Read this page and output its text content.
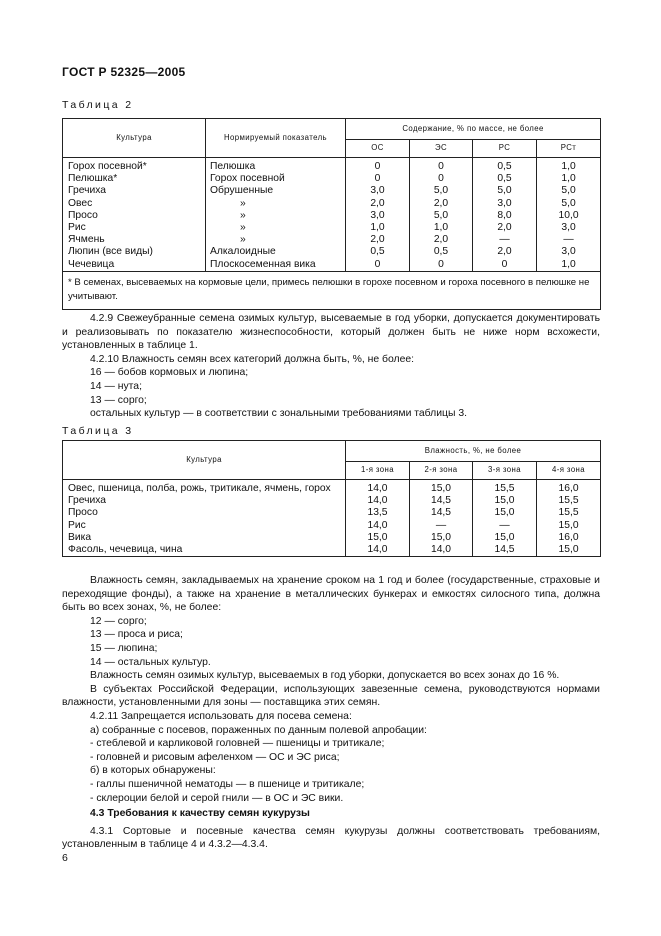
ГОСТ Р 52325—2005
Таблица 2
Культура	Нормируемый показатель	Содержание, % по массе, не более			
		ОС	ЭС	РС	РСт

Горох посевной*	Пелюшка	0	0	0,5	1,0
Пелюшка*	Горох посевной	0	0	0,5	1,0
Гречиха	Обрушенные	3,0	5,0	5,0	5,0
Овес	»	2,0	2,0	3,0	5,0
Просо	»	3,0	5,0	8,0	10,0
Рис	»	1,0	1,0	2,0	3,0
Ячмень	»	2,0	2,0	—	—
Люпин (все виды)	Алкалоидные	0,5	0,5	2,0	3,0
Чечевица	Плоскосеменная вика	0	0	0	1,0
* В семенах, высеваемых на кормовые цели, примесь пелюшки в горохе посевном и гороха посевного в пелюшке не учитывают.					

4.2.9 Свежеубранные семена озимых культур, высеваемые в год уборки, допускается документировать и реализовывать по показателю жизнеспособности, который должен быть не ниже норм всхожести, установленных в таблице 1.

4.2.10 Влажность семян всех категорий должна быть, %, не более:

16 — бобов кормовых и люпина;

14 — нута;

13 — сорго;

остальных культур — в соответствии с зональными требованиями таблицы 3.

Таблица 3
Культура	Влажность, %, не более			
	1-я зона	2-я зона	3-я зона	4-я зона

Овес, пшеница, полба, рожь, тритикале, ячмень, горох	14,0	15,0	15,5	16,0
Гречиха	14,0	14,5	15,0	15,5
Просо	13,5	14,5	15,0	15,5
Рис	14,0	—	—	15,0
Вика	15,0	15,0	15,0	16,0
Фасоль, чечевица, чина	14,0	14,0	14,5	15,0

Влажность семян, закладываемых на хранение сроком на 1 год и более (государственные, страховые и переходящие фонды), а также на хранение в металлических бункерах и емкостях силосного типа, должна быть во всех зонах, %, не более:

12 — сорго;

13 — проса и риса;

15 — люпина;

14 — остальных культур.

Влажность семян озимых культур, высеваемых в год уборки, допускается во всех зонах до 16 %.

В субъектах Российской Федерации, использующих завезенные семена, руководствуются нормами влажности, установленными для зоны — поставщика этих семян.

4.2.11 Запрещается использовать для посева семена:

а) собранные с посевов, пораженных по данным полевой апробации:

- стеблевой и карликовой головней — пшеницы и тритикале;

- головней и рисовым афеленхом — ОС и ЭС риса;

б) в которых обнаружены:

- галлы пшеничной нематоды — в пшенице и тритикале;

- склероции белой и серой гнили — в ОС и ЭС вики.

4.3 Требования к качеству семян кукурузы

4.3.1 Сортовые и посевные качества семян кукурузы должны соответствовать требованиям, установленным в таблице 4 и 4.3.2—4.3.4.

6
